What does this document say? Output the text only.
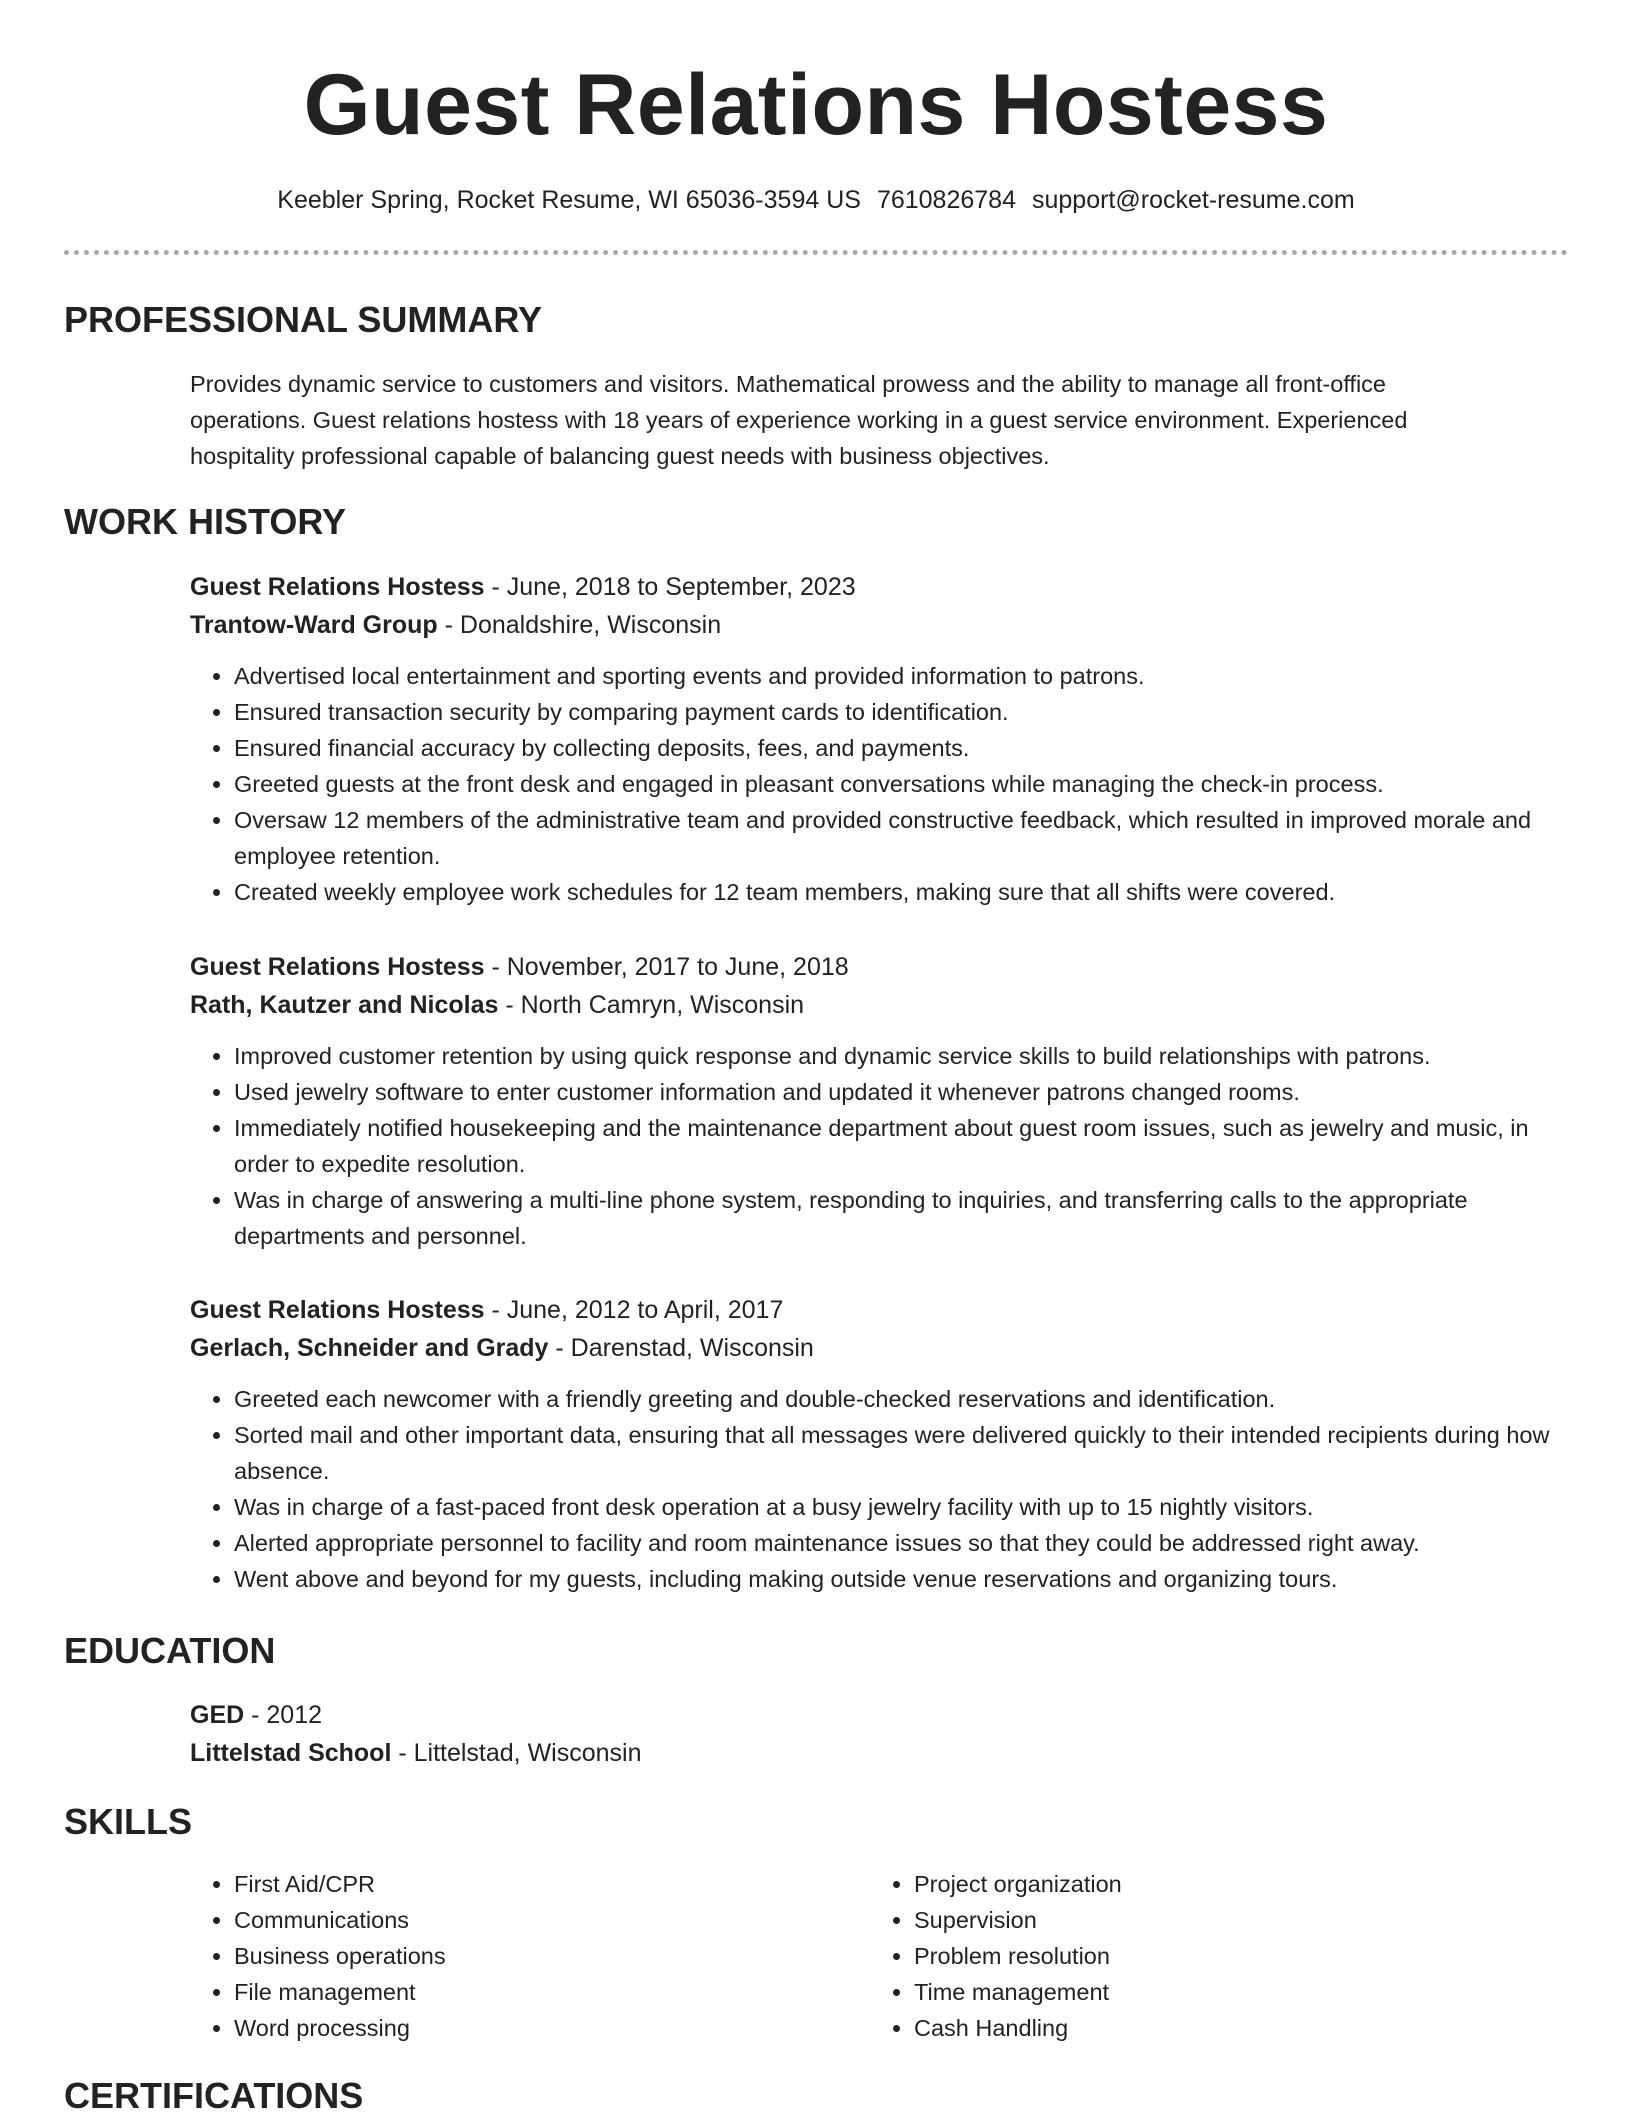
Guest Relations Hostess
Keebler Spring, Rocket Resume, WI 65036-3594 US 7610826784 support@rocket-resume.com
PROFESSIONAL SUMMARY
Provides dynamic service to customers and visitors. Mathematical prowess and the ability to manage all front-office operations. Guest relations hostess with 18 years of experience working in a guest service environment. Experienced hospitality professional capable of balancing guest needs with business objectives.
WORK HISTORY
Guest Relations Hostess - June, 2018 to September, 2023
Trantow-Ward Group - Donaldshire, Wisconsin
• Advertised local entertainment and sporting events and provided information to patrons.
• Ensured transaction security by comparing payment cards to identification.
• Ensured financial accuracy by collecting deposits, fees, and payments.
• Greeted guests at the front desk and engaged in pleasant conversations while managing the check-in process.
• Oversaw 12 members of the administrative team and provided constructive feedback, which resulted in improved morale and employee retention.
• Created weekly employee work schedules for 12 team members, making sure that all shifts were covered.
Guest Relations Hostess - November, 2017 to June, 2018
Rath, Kautzer and Nicolas - North Camryn, Wisconsin
• Improved customer retention by using quick response and dynamic service skills to build relationships with patrons.
• Used jewelry software to enter customer information and updated it whenever patrons changed rooms.
• Immediately notified housekeeping and the maintenance department about guest room issues, such as jewelry and music, in order to expedite resolution.
• Was in charge of answering a multi-line phone system, responding to inquiries, and transferring calls to the appropriate departments and personnel.
Guest Relations Hostess - June, 2012 to April, 2017
Gerlach, Schneider and Grady - Darenstad, Wisconsin
• Greeted each newcomer with a friendly greeting and double-checked reservations and identification.
• Sorted mail and other important data, ensuring that all messages were delivered quickly to their intended recipients during how absence.
• Was in charge of a fast-paced front desk operation at a busy jewelry facility with up to 15 nightly visitors.
• Alerted appropriate personnel to facility and room maintenance issues so that they could be addressed right away.
• Went above and beyond for my guests, including making outside venue reservations and organizing tours.
EDUCATION
GED - 2012
Littelstad School - Littelstad, Wisconsin
SKILLS
• First Aid/CPR
• Communications
• Business operations
• File management
• Word processing
• Project organization
• Supervision
• Problem resolution
• Time management
• Cash Handling
CERTIFICATIONS
